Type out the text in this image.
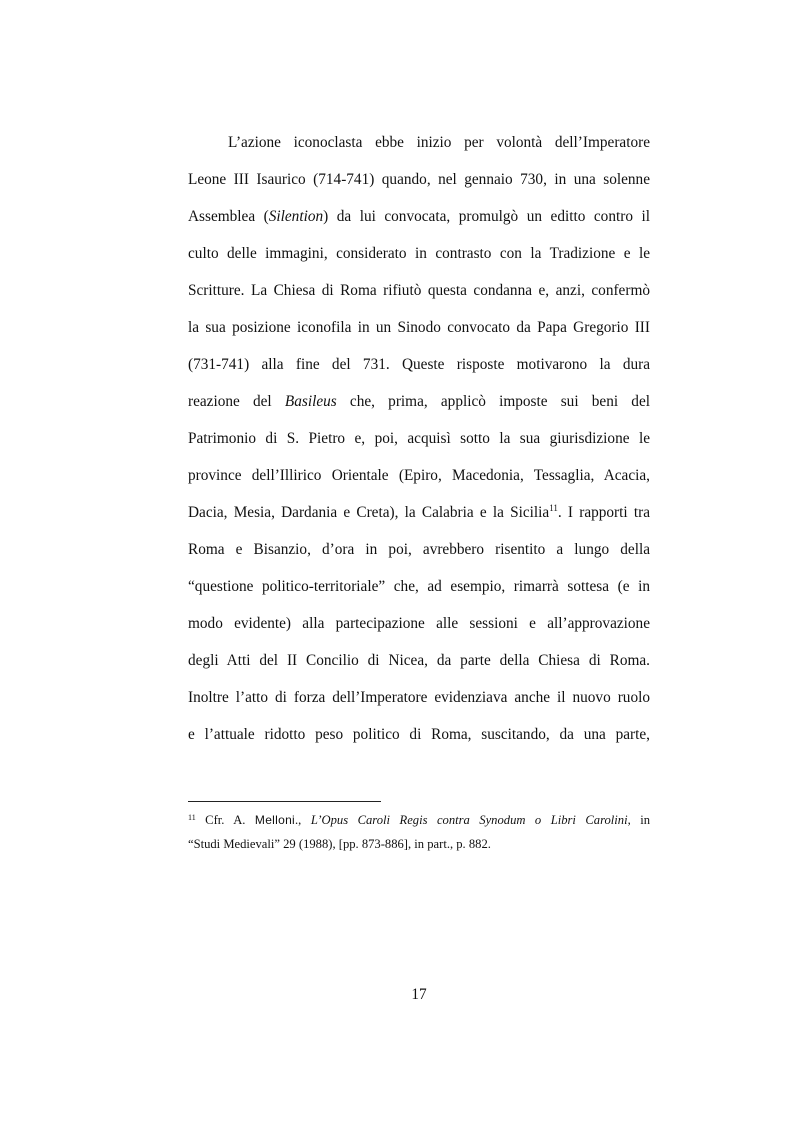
L’azione iconoclasta ebbe inizio per volontà dell’Imperatore
Leone III Isaurico (714-741) quando, nel gennaio 730, in una solenne
Assemblea (Silention) da lui convocata, promulgò un editto contro il
culto delle immagini, considerato in contrasto con la Tradizione e le
Scritture. La Chiesa di Roma rifiutò questa condanna e, anzi, confermò
la sua posizione iconofila in un Sinodo convocato da Papa Gregorio III
(731-741) alla fine del 731. Queste risposte motivarono la dura
reazione del Basileus che, prima, applicò imposte sui beni del
Patrimonio di S. Pietro e, poi, acquisì sotto la sua giurisdizione le
province dell’Illirico Orientale (Epiro, Macedonia, Tessaglia, Acacia,
Dacia, Mesia, Dardania e Creta), la Calabria e la Sicilia$^{11}$. I rapporti tra
Roma e Bisanzio, d’ora in poi, avrebbero risentito a lungo della
“questione politico-territoriale” che, ad esempio, rimarrà sottesa (e in
modo evidente) alla partecipazione alle sessioni e all’approvazione
degli Atti del II Concilio di Nicea, da parte della Chiesa di Roma.
Inoltre l’atto di forza dell’Imperatore evidenziava anche il nuovo ruolo
e l’attuale ridotto peso politico di Roma, suscitando, da una parte,
$^{11}$ Cfr. A. Melloni., L’Opus Caroli Regis contra Synodum o Libri Carolini, in
“Studi Medievali” 29 (1988), [pp. 873-886], in part., p. 882.
17
